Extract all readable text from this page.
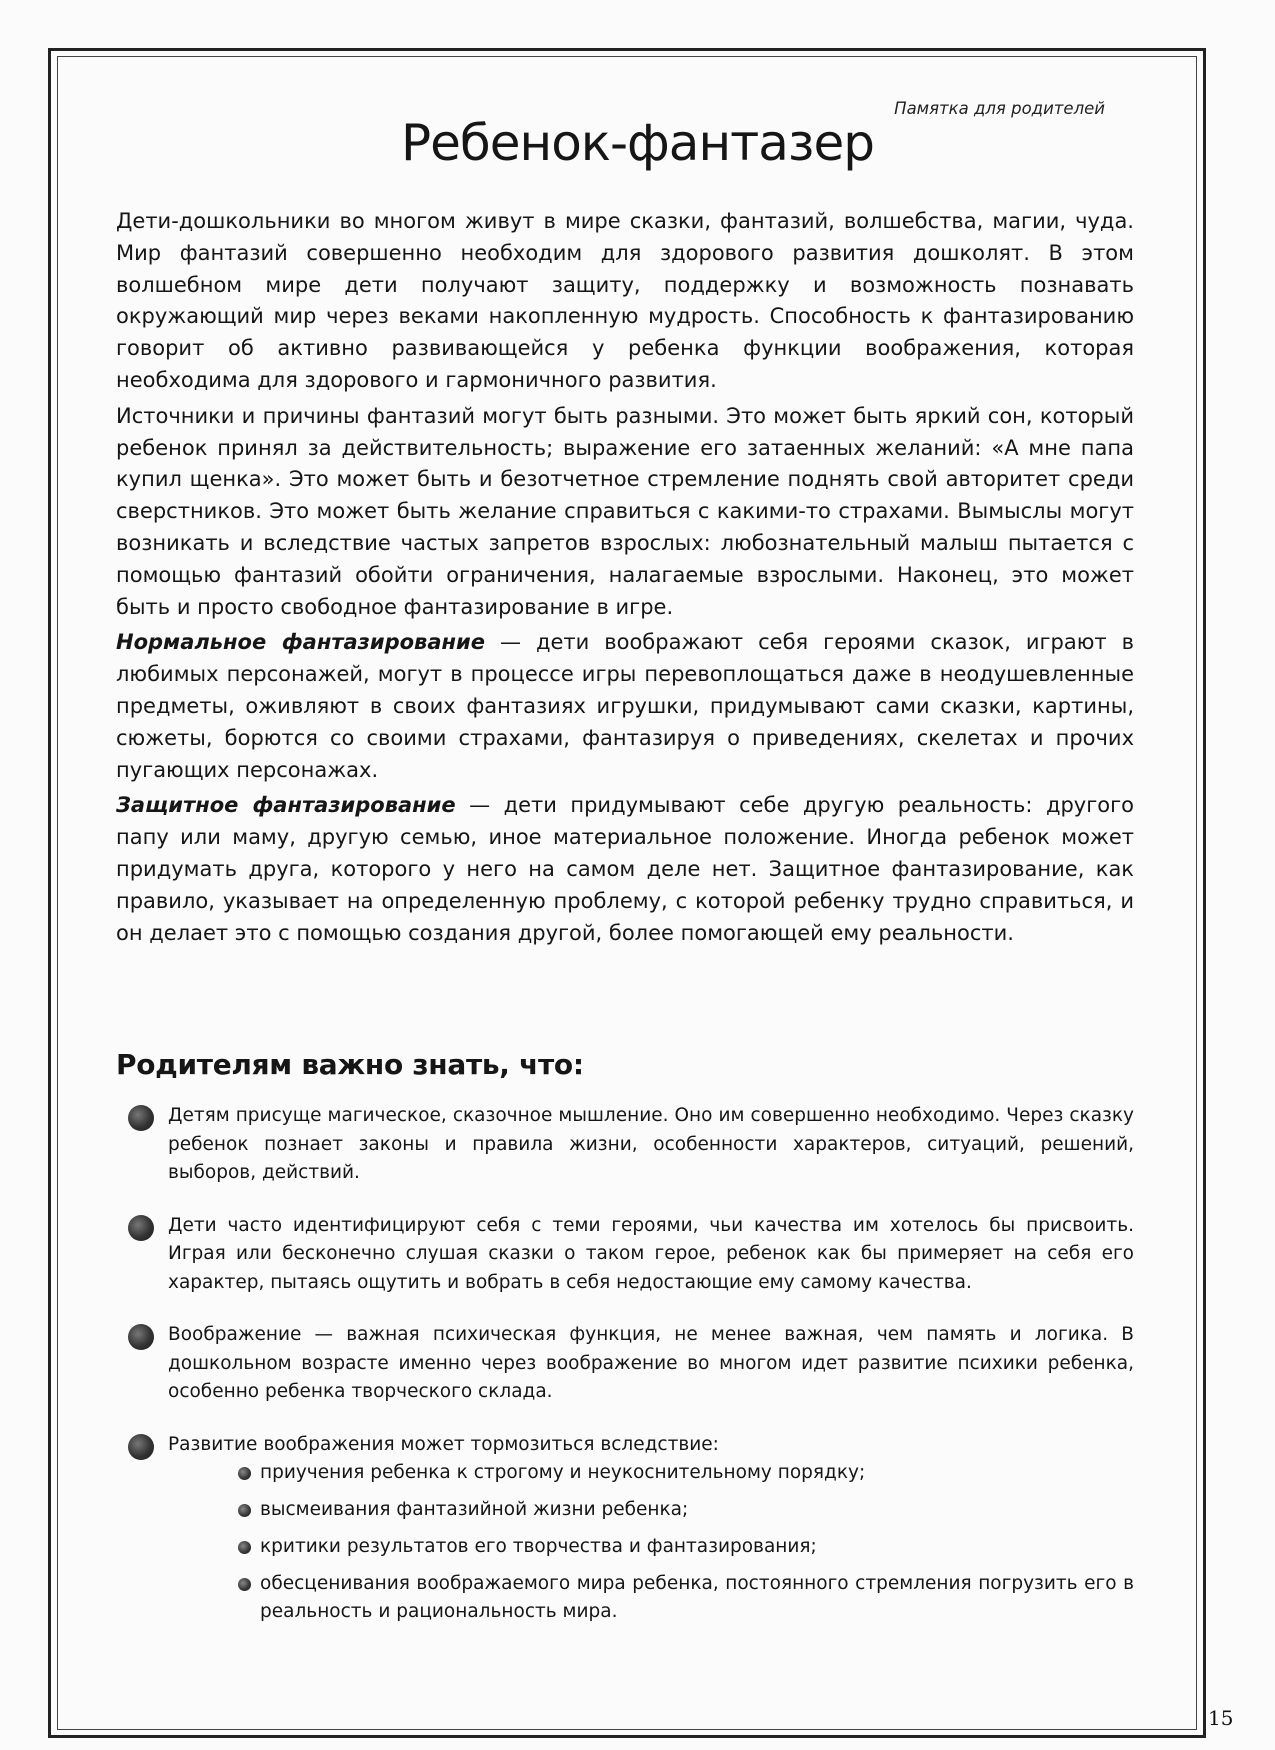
Памятка для родителей
Ребенок-фантазер

Дети-дошкольники во многом живут в мире сказки, фантазий, волшебства, магии, чуда. Мир фантазий совершенно необходим для здорового развития дошколят. В этом волшебном мире дети получают защиту, поддержку и возможность познавать окружающий мир через веками накопленную мудрость. Способность к фантазированию говорит об активно развивающейся у ребенка функции воображения, которая необходима для здорового и гармоничного развития.

Источники и причины фантазий могут быть разными. Это может быть яркий сон, который ребенок принял за действительность; выражение его затаенных желаний: «А мне папа купил щенка». Это может быть и безотчетное стремление поднять свой авторитет среди сверстников. Это может быть желание справиться с какими-то страхами. Вымыслы могут возникать и вследствие частых запретов взрослых: любознательный малыш пытается с помощью фантазий обойти ограничения, налагаемые взрослыми. Наконец, это может быть и просто свободное фантазирование в игре.

Нормальное фантазирование — дети воображают себя героями сказок, играют в любимых персонажей, могут в процессе игры перевоплощаться даже в неодушевленные предметы, оживляют в своих фантазиях игрушки, придумывают сами сказки, картины, сюжеты, борются со своими страхами, фантазируя о приведениях, скелетах и прочих пугающих персонажах.

Защитное фантазирование — дети придумывают себе другую реальность: другого папу или маму, другую семью, иное материальное положение. Иногда ребенок может придумать друга, которого у него на самом деле нет. Защитное фантазирование, как правило, указывает на определенную проблему, с которой ребенку трудно справиться, и он делает это с помощью создания другой, более помогающей ему реальности.

Родителям важно знать, что:
Детям присуще магическое, сказочное мышление. Оно им совершенно необходимо. Через сказку ребенок познает законы и правила жизни, особенности характеров, ситуаций, решений, выборов, действий.
Дети часто идентифицируют себя с теми героями, чьи качества им хотелось бы присвоить. Играя или бесконечно слушая сказки о таком герое, ребенок как бы примеряет на себя его характер, пытаясь ощутить и вобрать в себя недостающие ему самому качества.
Воображение — важная психическая функция, не менее важная, чем память и логика. В дошкольном возрасте именно через воображение во многом идет развитие психики ребенка, особенно ребенка творческого склада.
Развитие воображения может тормозиться вследствие:
приучения ребенка к строгому и неукоснительному порядку;
высмеивания фантазийной жизни ребенка;
критики результатов его творчества и фантазирования;
обесценивания воображаемого мира ребенка, постоянного стремления погрузить его в реальность и рациональность мира.
15
